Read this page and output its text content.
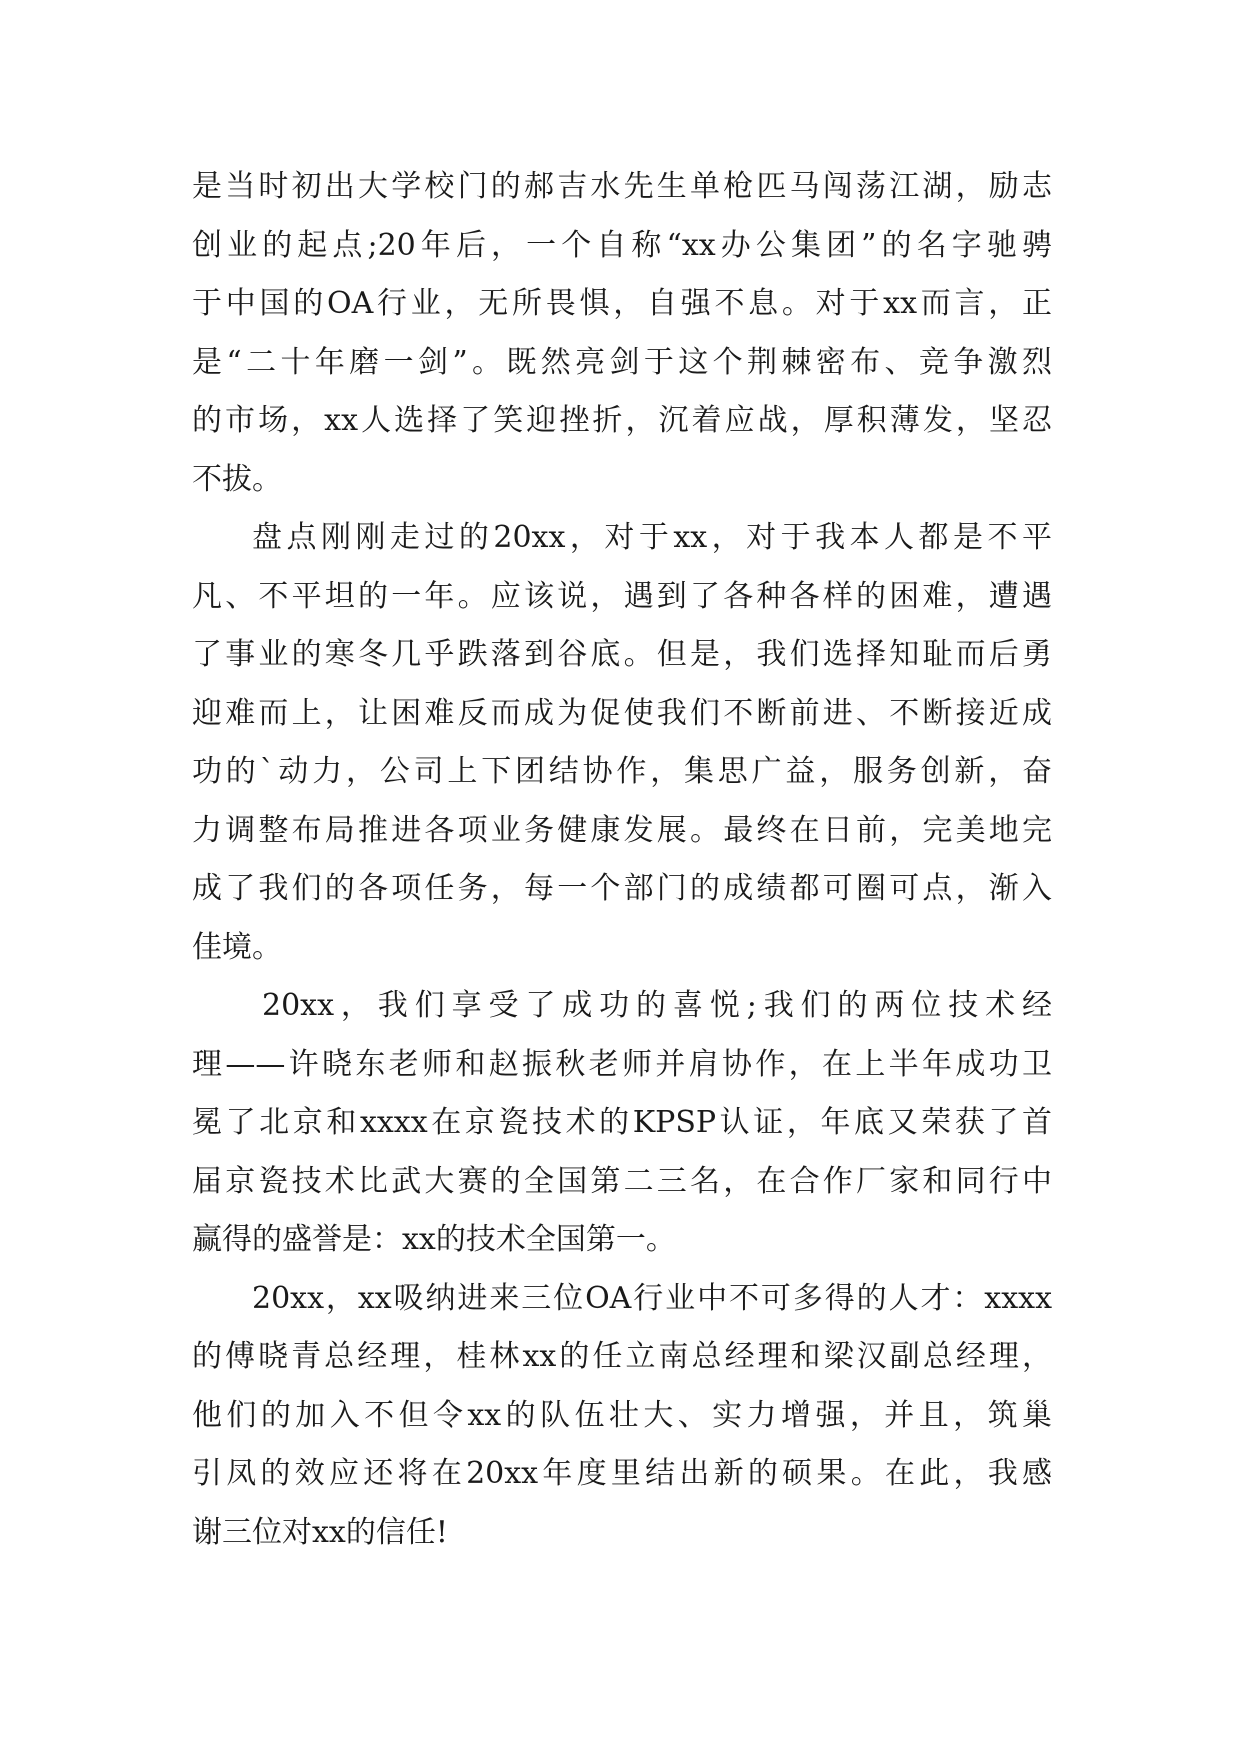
是当时初出大学校门的郝吉水先生单枪匹马闯荡江湖，励志
创业的起点;20年后，一个自称“xx办公集团”的名字驰骋
于中国的OA行业，无所畏惧，自强不息。对于xx而言，正
是“二十年磨一剑”。既然亮剑于这个荆棘密布、竞争激烈
的市场，xx人选择了笑迎挫折，沉着应战，厚积薄发，坚忍
不拔。
盘点刚刚走过的20xx，对于xx，对于我本人都是不平
凡、不平坦的一年。应该说，遇到了各种各样的困难，遭遇
了事业的寒冬几乎跌落到谷底。但是，我们选择知耻而后勇
迎难而上，让困难反而成为促使我们不断前进、不断接近成
功的`动力，公司上下团结协作，集思广益，服务创新，奋
力调整布局推进各项业务健康发展。最终在日前，完美地完
成了我们的各项任务，每一个部门的成绩都可圈可点，渐入
佳境。
20xx，我们享受了成功的喜悦;我们的两位技术经
理——许晓东老师和赵振秋老师并肩协作，在上半年成功卫
冕了北京和xxxx在京瓷技术的KPSP认证，年底又荣获了首
届京瓷技术比武大赛的全国第二三名，在合作厂家和同行中
赢得的盛誉是：xx的技术全国第一。
20xx，xx吸纳进来三位OA行业中不可多得的人才：xxxx
的傅晓青总经理，桂林xx的任立南总经理和梁汉副总经理，
他们的加入不但令xx的队伍壮大、实力增强，并且，筑巢
引凤的效应还将在20xx年度里结出新的硕果。在此，我感
谢三位对xx的信任!
